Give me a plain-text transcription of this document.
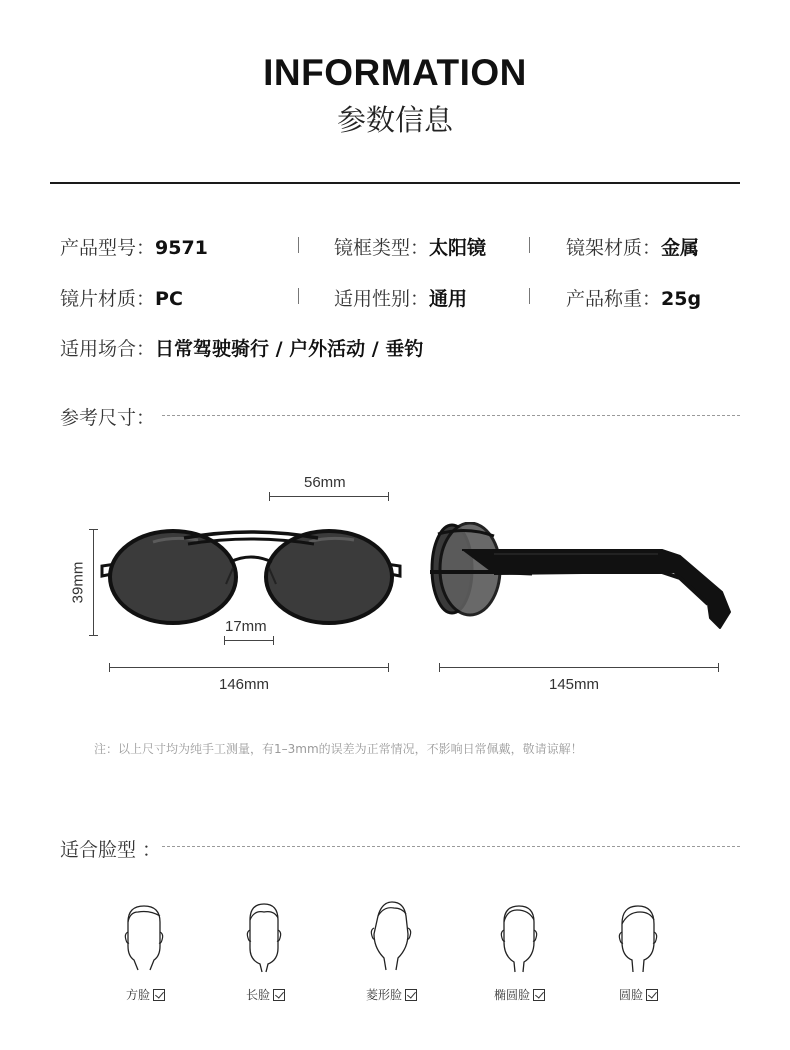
INFORMATION
参数信息
产品型号：9571	镜框类型：太阳镜	镜架材质：金属
镜片材质：PC	适用性别：通用	产品称重：25g
适用场合：日常驾驶骑行 / 户外活动 / 垂钓
参考尺寸：
56mm
39mm
17mm
146mm	145mm
注：以上尺寸均为纯手工测量，有1–3mm的误差为正常情况，不影响日常佩戴，敬请谅解！
适合脸型 ：
方脸	长脸	菱形脸	椭圆脸	圆脸
